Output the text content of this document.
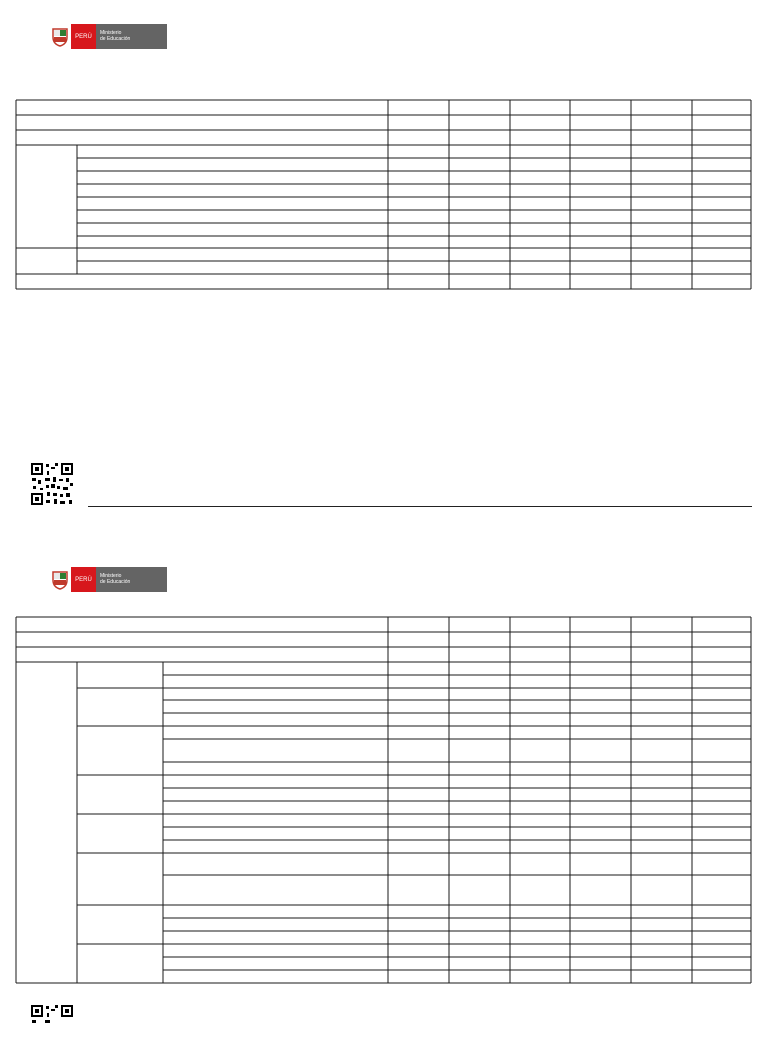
PERÚ
Ministerio
de Educación
PERÚ
Ministerio
de Educación
